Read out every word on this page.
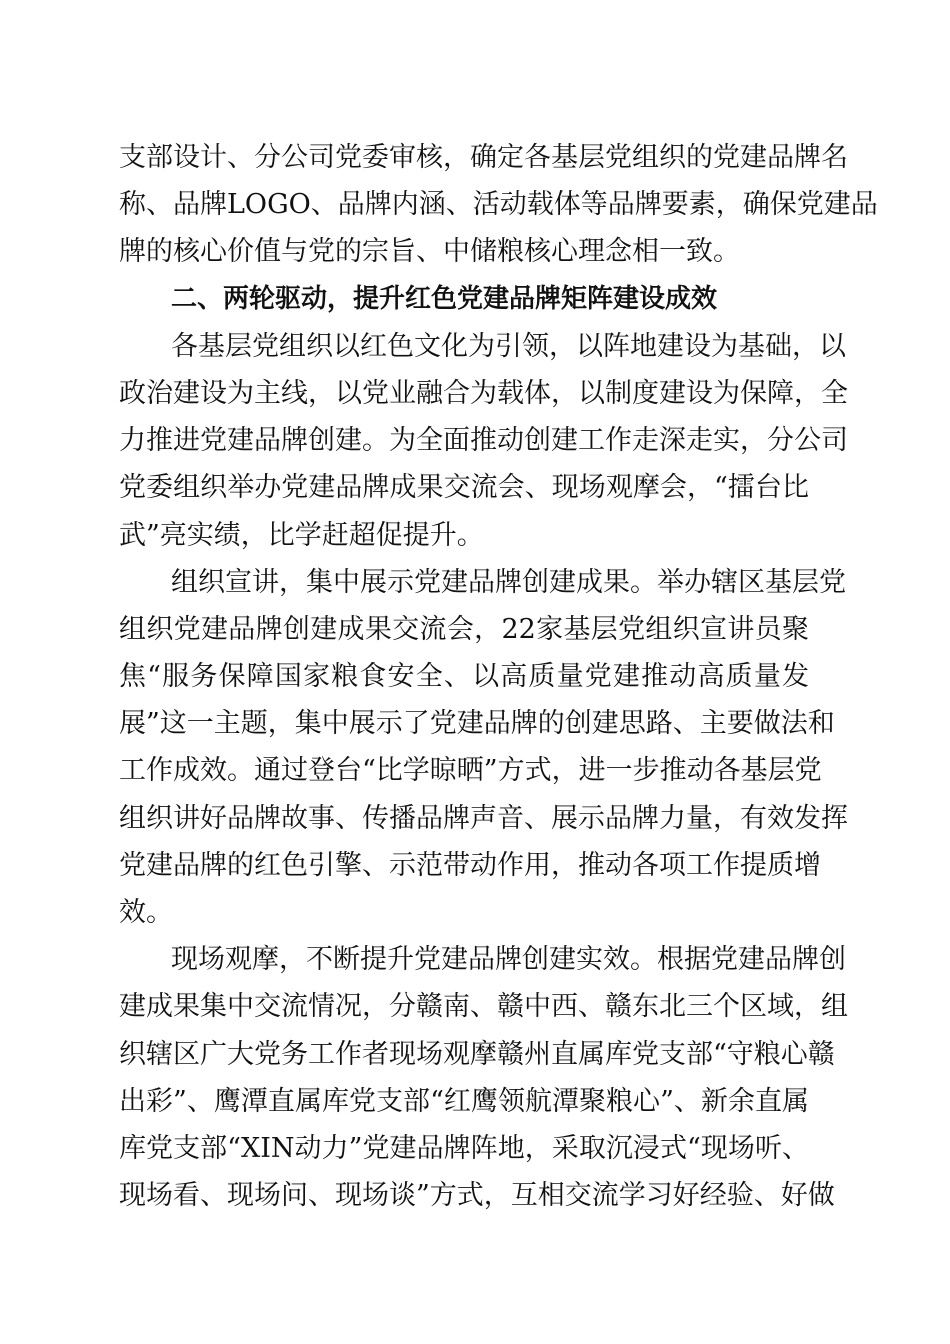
支部设计、分公司党委审核，确定各基层党组织的党建品牌名
称、品牌LOGO、品牌内涵、活动载体等品牌要素，确保党建品
牌的核心价值与党的宗旨、中储粮核心理念相一致。
二、两轮驱动，提升红色党建品牌矩阵建设成效
各基层党组织以红色文化为引领，以阵地建设为基础，以
政治建设为主线，以党业融合为载体，以制度建设为保障，全
力推进党建品牌创建。为全面推动创建工作走深走实，分公司
党委组织举办党建品牌成果交流会、现场观摩会，“擂台比
武”亮实绩，比学赶超促提升。
组织宣讲，集中展示党建品牌创建成果。举办辖区基层党
组织党建品牌创建成果交流会，22家基层党组织宣讲员聚
焦“服务保障国家粮食安全、以高质量党建推动高质量发
展”这一主题，集中展示了党建品牌的创建思路、主要做法和
工作成效。通过登台“比学晾晒”方式，进一步推动各基层党
组织讲好品牌故事、传播品牌声音、展示品牌力量，有效发挥
党建品牌的红色引擎、示范带动作用，推动各项工作提质增
效。
现场观摩，不断提升党建品牌创建实效。根据党建品牌创
建成果集中交流情况，分赣南、赣中西、赣东北三个区域，组
织辖区广大党务工作者现场观摩赣州直属库党支部“守粮心赣
出彩”、鹰潭直属库党支部“红鹰领航潭聚粮心”、新余直属
库党支部“XIN动力”党建品牌阵地，采取沉浸式“现场听、
现场看、现场问、现场谈”方式，互相交流学习好经验、好做
